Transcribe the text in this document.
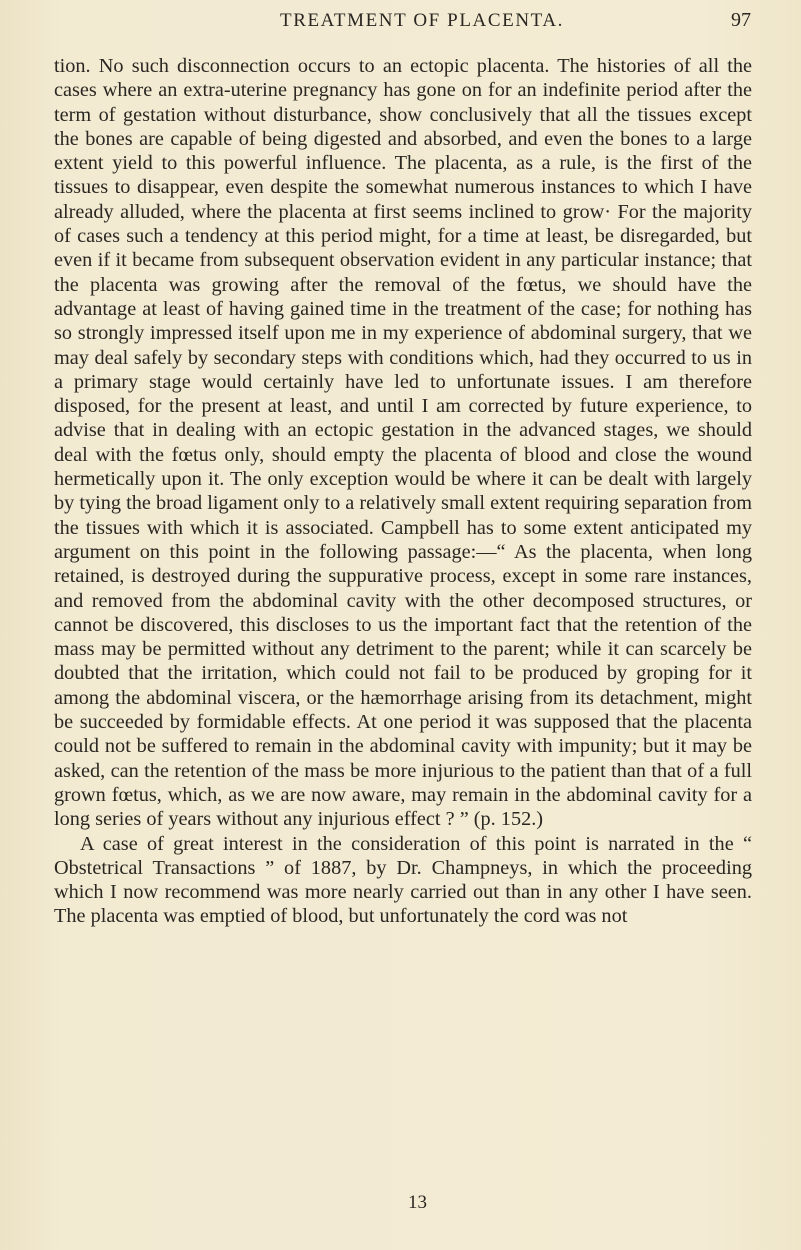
TREATMENT OF PLACENTA.	97

tion. No such disconnection occurs to an ectopic placenta. The histories of all the cases where an extra-uterine pregnancy has gone on for an indefinite period after the term of gestation without disturbance, show conclusively that all the tissues except the bones are capable of being digested and absorbed, and even the bones to a large extent yield to this powerful influence. The placenta, as a rule, is the first of the tissues to disappear, even despite the somewhat numerous instances to which I have already alluded, where the placenta at first seems inclined to grow· For the majority of cases such a tendency at this period might, for a time at least, be disregarded, but even if it became from subsequent observation evident in any particular instance; that the placenta was growing after the removal of the fœtus, we should have the advantage at least of having gained time in the treatment of the case; for nothing has so strongly impressed itself upon me in my experience of abdominal surgery, that we may deal safely by secondary steps with conditions which, had they occurred to us in a primary stage would certainly have led to unfortunate issues. I am therefore disposed, for the present at least, and until I am corrected by future experience, to advise that in dealing with an ectopic gestation in the advanced stages, we should deal with the fœtus only, should empty the placenta of blood and close the wound hermetically upon it. The only exception would be where it can be dealt with largely by tying the broad ligament only to a relatively small extent requiring separation from the tissues with which it is associated. Campbell has to some extent anticipated my argument on this point in the following passage:—“ As the placenta, when long retained, is destroyed during the suppurative process, except in some rare instances, and removed from the abdominal cavity with the other decomposed structures, or cannot be discovered, this discloses to us the important fact that the retention of the mass may be permitted without any detriment to the parent; while it can scarcely be doubted that the irritation, which could not fail to be produced by groping for it among the abdominal viscera, or the hæmorrhage arising from its detachment, might be succeeded by formidable effects. At one period it was supposed that the placenta could not be suffered to remain in the abdominal cavity with impunity; but it may be asked, can the retention of the mass be more injurious to the patient than that of a full grown fœtus, which, as we are now aware, may remain in the abdominal cavity for a long series of years without any injurious effect ? ” (p. 152.)

A case of great interest in the consideration of this point is narrated in the “ Obstetrical Transactions ” of 1887, by Dr. Champneys, in which the proceeding which I now recommend was more nearly carried out than in any other I have seen. The placenta was emptied of blood, but unfortunately the cord was not

13
